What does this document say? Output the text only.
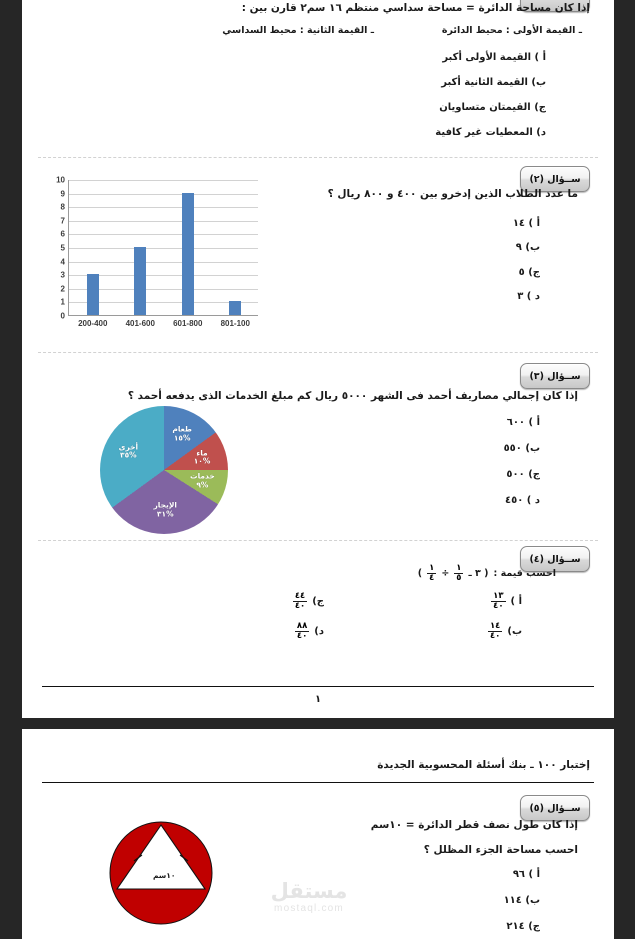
إذا كان مساحة الدائرة = مساحة سداسي منتظم ١٦ سم٢ قارن بين :
ـ القيمة الأولى : محيط الدائرة
ـ القيمة الثانية : محيط السداسي
أ ) القيمة الأولى أكبر
ب) القيمة الثانية أكبر
ج) القيمتان متساويان
د) المعطيات غير كافية
ســؤال (٢)
ما عدد الطلاب الذين إدخرو بين ٤٠٠ و ٨٠٠ ريال ؟
أ ) ١٤
ب) ٩
ج) ٥
د ) ٣
0
1
2
3
4
5
6
7
8
9
10
200-400 401-600 601-800 801-100
ســؤال (٣)
إذا كان إجمالي مصاريف أحمد فى الشهر ٥٠٠٠ ريال كم مبلغ الخدمات الذى يدفعه أحمد ؟
أ ) ٦٠٠
ب) ٥٥٠
ج) ٥٠٠
د ) ٤٥٠
طعام
%١٥
ماء
%١٠
خدمات
%٩
الإيجار
%٣١
أخرى
%٣٥
ســؤال (٤)
احسب قيمة :
( ٣ ـ
$\frac{١}{٥}$
÷
$\frac{١}{٤}$
)
أ )
$\frac{١٣}{٤٠}$
ب)
$\frac{١٤}{٤٠}$
ج)
$\frac{٤٤}{٤٠}$
د)
$\frac{٨٨}{٤٠}$
١
إختبار ١٠٠ ـ بنك أسئلة المحسوبية الجديدة
ســؤال (٥)
إذا كان طول نصف قطر الدائرة = ١٠سم
احسب مساحة الجزء المظلل ؟
أ ) ٩٦
ب) ١١٤
ج) ٢١٤
١٠سم
مستقل
mostaql.com
